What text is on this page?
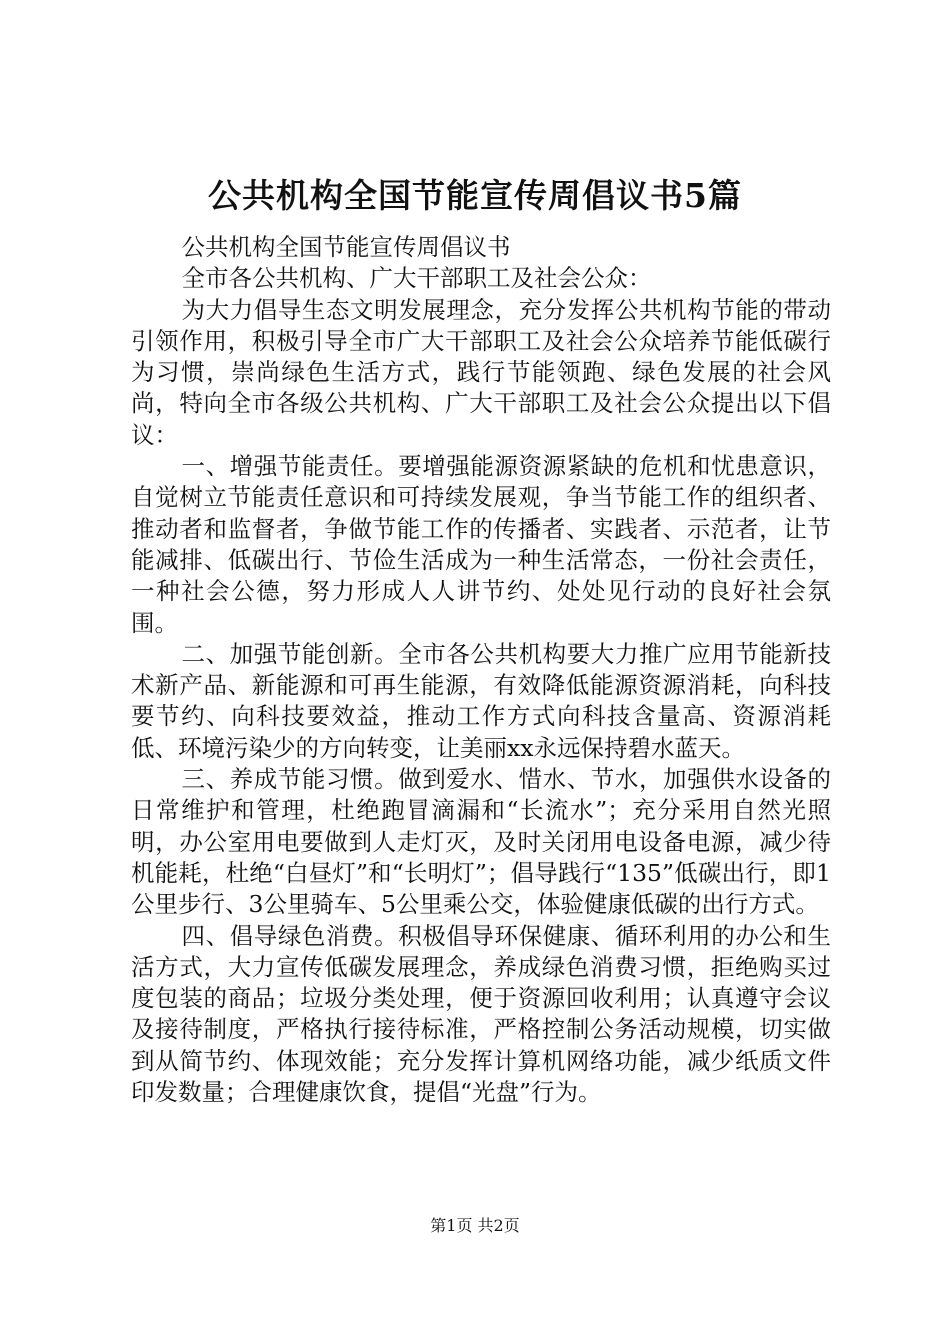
公共机构全国节能宣传周倡议书5篇

公共机构全国节能宣传周倡议书

全市各公共机构、广大干部职工及社会公众：

为大力倡导生态文明发展理念，充分发挥公共机构节能的带动引领作用，积极引导全市广大干部职工及社会公众培养节能低碳行为习惯，崇尚绿色生活方式，践行节能领跑、绿色发展的社会风尚，特向全市各级公共机构、广大干部职工及社会公众提出以下倡议：

一、增强节能责任。要增强能源资源紧缺的危机和忧患意识，自觉树立节能责任意识和可持续发展观，争当节能工作的组织者、推动者和监督者，争做节能工作的传播者、实践者、示范者，让节能减排、低碳出行、节俭生活成为一种生活常态，一份社会责任，一种社会公德，努力形成人人讲节约、处处见行动的良好社会氛围。

二、加强节能创新。全市各公共机构要大力推广应用节能新技术新产品、新能源和可再生能源，有效降低能源资源消耗，向科技要节约、向科技要效益，推动工作方式向科技含量高、资源消耗低、环境污染少的方向转变，让美丽xx永远保持碧水蓝天。

三、养成节能习惯。做到爱水、惜水、节水，加强供水设备的日常维护和管理，杜绝跑冒滴漏和“长流水”；充分采用自然光照明，办公室用电要做到人走灯灭，及时关闭用电设备电源，减少待机能耗，杜绝“白昼灯”和“长明灯”；倡导践行“135”低碳出行，即1公里步行、3公里骑车、5公里乘公交，体验健康低碳的出行方式。

四、倡导绿色消费。积极倡导环保健康、循环利用的办公和生活方式，大力宣传低碳发展理念，养成绿色消费习惯，拒绝购买过度包装的商品；垃圾分类处理，便于资源回收利用；认真遵守会议及接待制度，严格执行接待标准，严格控制公务活动规模，切实做到从简节约、体现效能；充分发挥计算机网络功能，减少纸质文件印发数量；合理健康饮食，提倡“光盘”行为。

第1页 共2页
